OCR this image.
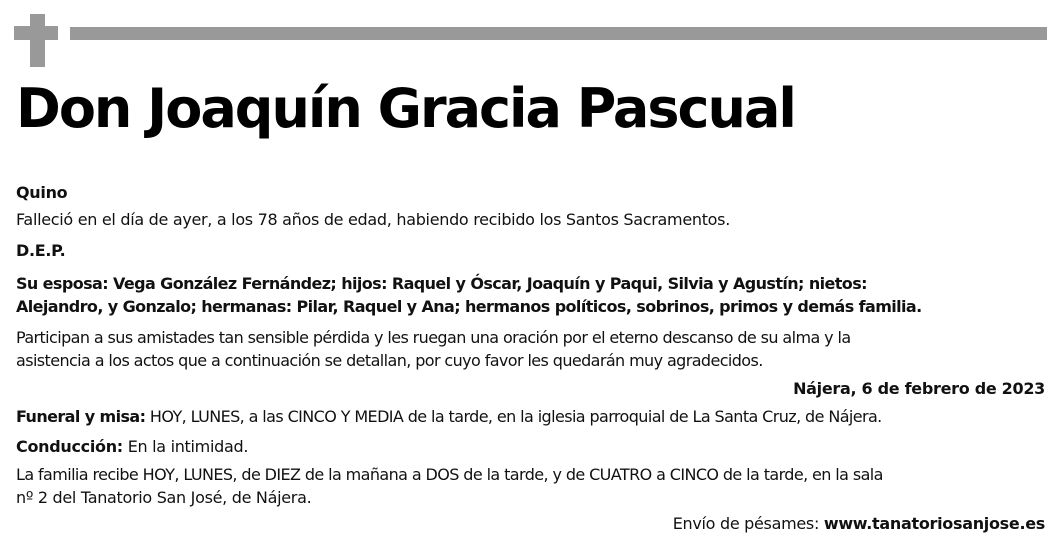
Don Joaquín Gracia Pascual
Quino
Falleció en el día de ayer, a los 78 años de edad, habiendo recibido los Santos Sacramentos.
D.E.P.
Su esposa: Vega González Fernández; hijos: Raquel y Óscar, Joaquín y Paqui, Silvia y Agustín; nietos:
Alejandro, y Gonzalo; hermanas: Pilar, Raquel y Ana; hermanos políticos, sobrinos, primos y demás familia.
Participan a sus amistades tan sensible pérdida y les ruegan una oración por el eterno descanso de su alma y la
asistencia a los actos que a continuación se detallan, por cuyo favor les quedarán muy agradecidos.
Nájera, 6 de febrero de 2023
Funeral y misa: HOY, LUNES, a las CINCO Y MEDIA de la tarde, en la iglesia parroquial de La Santa Cruz, de Nájera.
Conducción: En la intimidad.
La familia recibe HOY, LUNES, de DIEZ de la mañana a DOS de la tarde, y de CUATRO a CINCO de la tarde, en la sala
nº 2 del Tanatorio San José, de Nájera.
Envío de pésames: www.tanatoriosanjose.es
